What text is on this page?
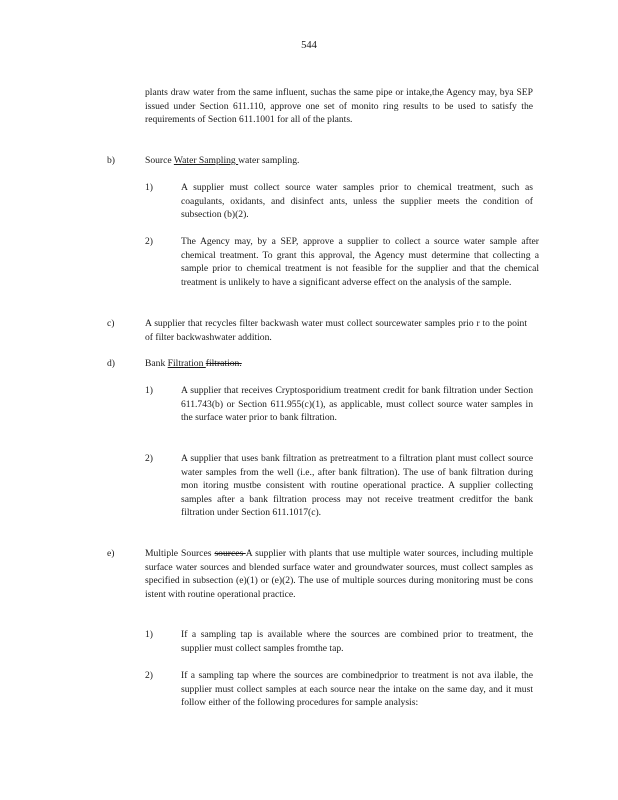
544

plants draw water from the same influent, suchas the same pipe or intake,the Agency may, bya SEP issued under Section 611.110, approve one set of monito ring results to be used to satisfy the requirements of Section 611.1001 for all of the plants.

b)	Source Water Sampling water sampling.

1)	A supplier must collect source water samples prior to chemical treatment, such as coagulants, oxidants, and disinfect ants, unless the supplier meets the condition of subsection (b)(2).

2)	The Agency may, by a SEP, approve a supplier to collect a source water sample after chemical treatment. To grant this approval, the Agency must determine that collecting a sample prior to chemical treatment is not feasible for the supplier and that the chemical treatment is unlikely to have a significant adverse effect on the analysis of the sample.

c)	A supplier that recycles filter backwash water must collect sourcewater samples prio r to the point of filter backwashwater addition.

d)	Bank Filtration filtration.

1)	A supplier that receives Cryptosporidium treatment credit for bank filtration under Section 611.743(b) or Section 611.955(c)(1), as applicable, must collect source water samples in the surface water prior to bank filtration.

2)	A supplier that uses bank filtration as pretreatment to a filtration plant must collect source water samples from the well (i.e., after bank filtration). The use of bank filtration during mon itoring mustbe consistent with routine operational practice. A supplier collecting samples after a bank filtration process may not receive treatment creditfor the bank filtration under Section 611.1017(c).

e)	Multiple Sources sources A supplier with plants that use multiple water sources, including multiple surface water sources and blended surface water and groundwater sources, must collect samples as specified in subsection (e)(1) or (e)(2). The use of multiple sources during monitoring must be cons istent with routine operational practice.

1)	If a sampling tap is available where the sources are combined prior to treatment, the supplier must collect samples fromthe tap.

2)	If a sampling tap where the sources are combinedprior to treatment is not ava ilable, the supplier must collect samples at each source near the intake on the same day, and it must follow either of the following procedures for sample analysis:
